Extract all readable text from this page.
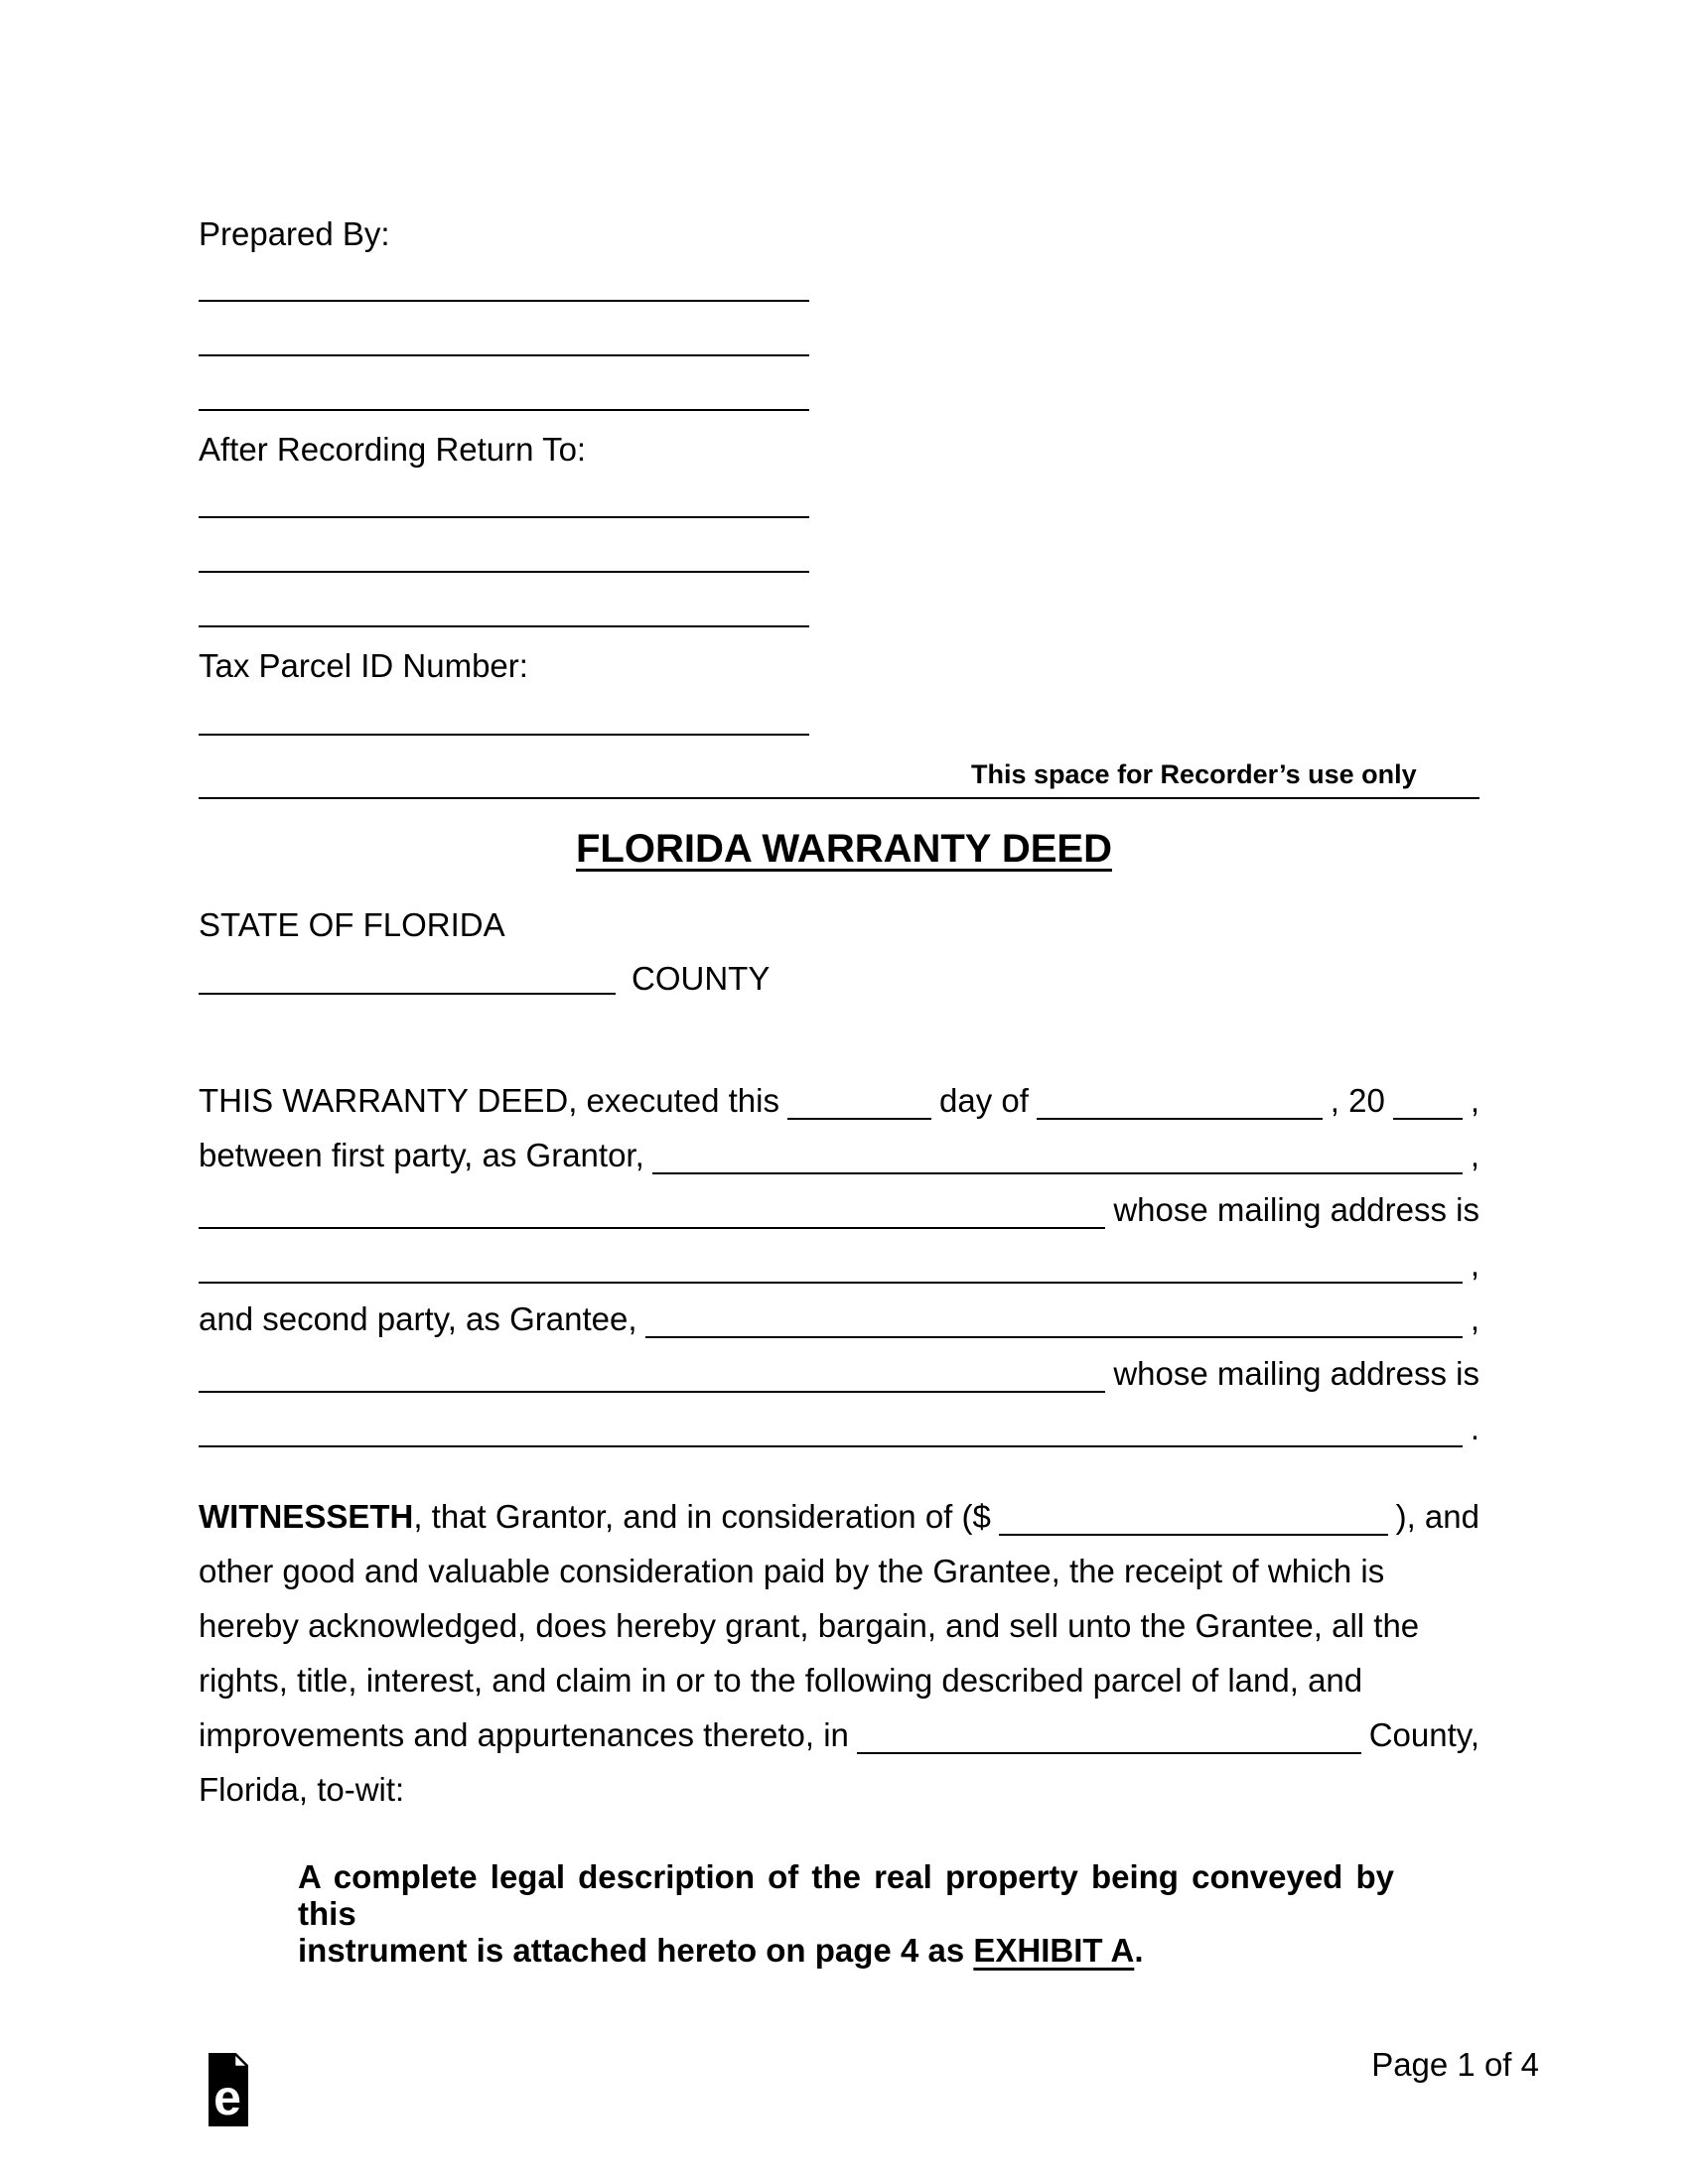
Prepared By:
After Recording Return To:
Tax Parcel ID Number:
This space for Recorder’s use only
FLORIDA WARRANTY DEED
STATE OF FLORIDA
COUNTY
THIS WARRANTY DEED, executed this	day of	, 20	,
between first party, as Grantor,	,
whose mailing address is
,
and second party, as Grantee,	,
whose mailing address is
.
WITNESSETH , that Grantor, and in consideration of ($	), and
other good and valuable consideration paid by the Grantee, the receipt of which is
hereby acknowledged, does hereby grant, bargain, and sell unto the Grantee, all the
rights, title, interest, and claim in or to the following described parcel of land, and
improvements and appurtenances thereto, in	County,
Florida, to-wit:
A complete legal description of the real property being conveyed by this
instrument is attached hereto on page 4 as EXHIBIT A.
e
Page 1 of 4
